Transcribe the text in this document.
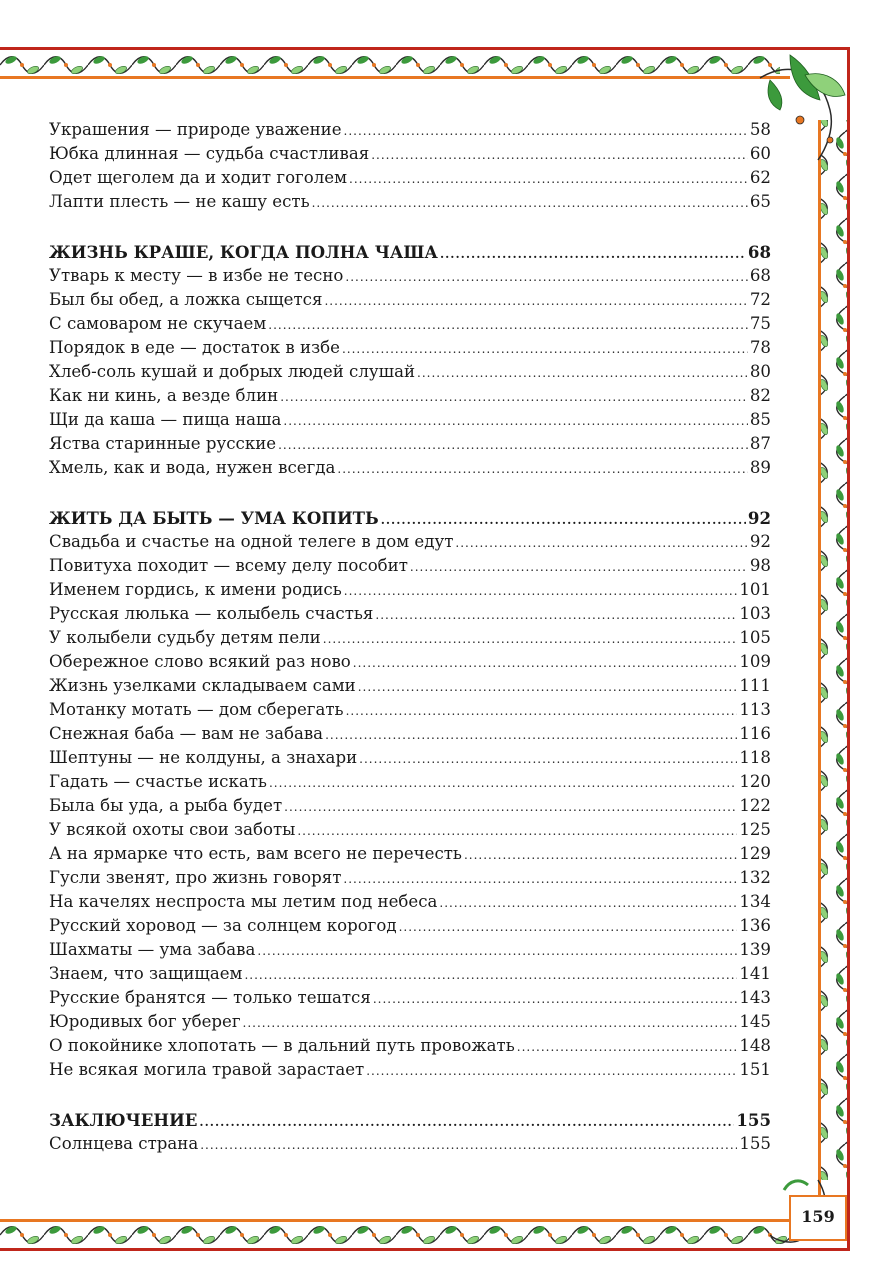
Украшения — природе уважение .....	58
Юбка длинная — судьба счастливая .....	60
Одет щеголем да и ходит гоголем .....	62
Лапти плесть — не кашу есть .....	65
ЖИЗНЬ КРАШЕ, КОГДА ПОЛНА ЧАША .....	68
Утварь к месту — в избе не тесно .....	68
Был бы обед, а ложка сыщется .....	72
С самоваром не скучаем .....	75
Порядок в еде — достаток в избе .....	78
Хлеб-соль кушай и добрых людей слушай .....	80
Как ни кинь, а везде блин .....	82
Щи да каша — пища наша .....	85
Яства старинные русские .....	87
Хмель, как и вода, нужен всегда .....	89
ЖИТЬ ДА БЫТЬ — УМА КОПИТЬ .....	92
Свадьба и счастье на одной телеге в дом едут .....	92
Повитуха походит — всему делу пособит .....	98
Именем гордись, к имени родись .....	101
Русская люлька — колыбель счастья .....	103
У колыбели судьбу детям пели .....	105
Обережное слово всякий раз ново .....	109
Жизнь узелками складываем сами .....	111
Мотанку мотать — дом сберегать .....	113
Снежная баба — вам не забава .....	116
Шептуны — не колдуны, а знахари .....	118
Гадать — счастье искать .....	120
Была бы уда, а рыба будет .....	122
У всякой охоты свои заботы .....	125
А на ярмарке что есть, вам всего не перечесть .....	129
Гусли звенят, про жизнь говорят .....	132
На качелях неспроста мы летим под небеса .....	134
Русский хоровод — за солнцем корогод .....	136
Шахматы — ума забава .....	139
Знаем, что защищаем .....	141
Русские бранятся — только тешатся .....	143
Юродивых бог уберег .....	145
О покойнике хлопотать — в дальний путь провожать .....	148
Не всякая могила травой зарастает .....	151
ЗАКЛЮЧЕНИЕ .....	155
Солнцева страна .....	155
159
